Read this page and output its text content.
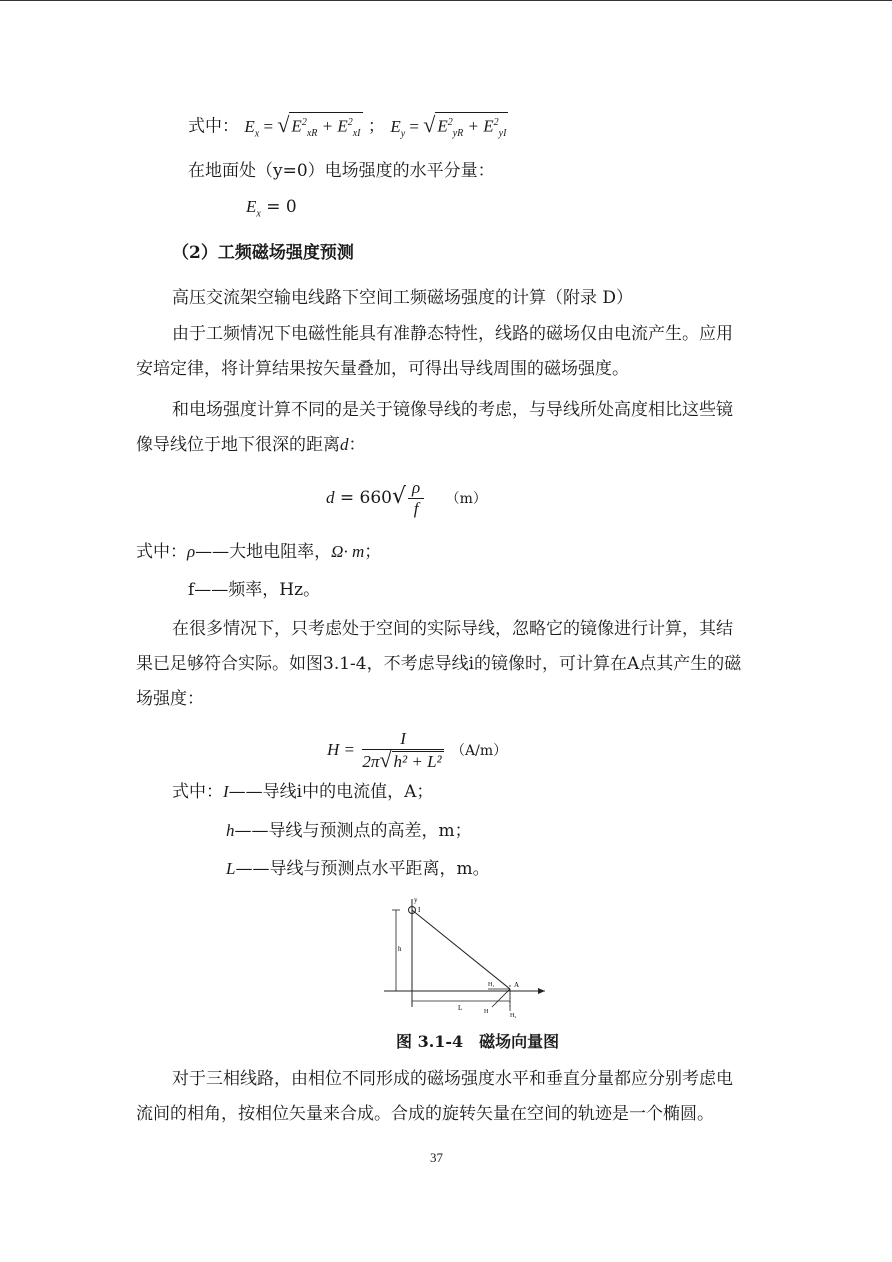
式中： $E_x$ = √ $E^2_{xR} + E^2_{xI}$ ； $E_y$ = √ $E^2_{yR} + E^2_{yI}$
在地面处（y=0）电场强度的水平分量：
$E_x = 0$
（2）工频磁场强度预测
高压交流架空输电线路下空间工频磁场强度的计算（附录 D）
由于工频情况下电磁性能具有准静态特性，线路的磁场仅由电流产生。应用
安培定律，将计算结果按矢量叠加，可得出导线周围的磁场强度。
和电场强度计算不同的是关于镜像导线的考虑，与导线所处高度相比这些镜
像导线位于地下很深的距离d：
$d = 660√ \frac{\rho}{f} (m)$
式中：ρ——大地电阻率，Ω· m；
f——频率，Hz。
在很多情况下，只考虑处于空间的实际导线，忽略它的镜像进行计算，其结
果已足够符合实际。如图3.1-4，不考虑导线i的镜像时，可计算在A点其产生的磁
场强度：
$H = \frac{I}{\text{2π√ h² + L²}} (A/m)$
式中：I——导线i中的电流值，A；
h——导线与预测点的高差，m；
L——导线与预测点水平距离，m。
y
I
h
A
L
H₁
H
H₂
图 3.1-4　磁场向量图
对于三相线路，由相位不同形成的磁场强度水平和垂直分量都应分别考虑电
流间的相角，按相位矢量来合成。合成的旋转矢量在空间的轨迹是一个椭圆。
37
